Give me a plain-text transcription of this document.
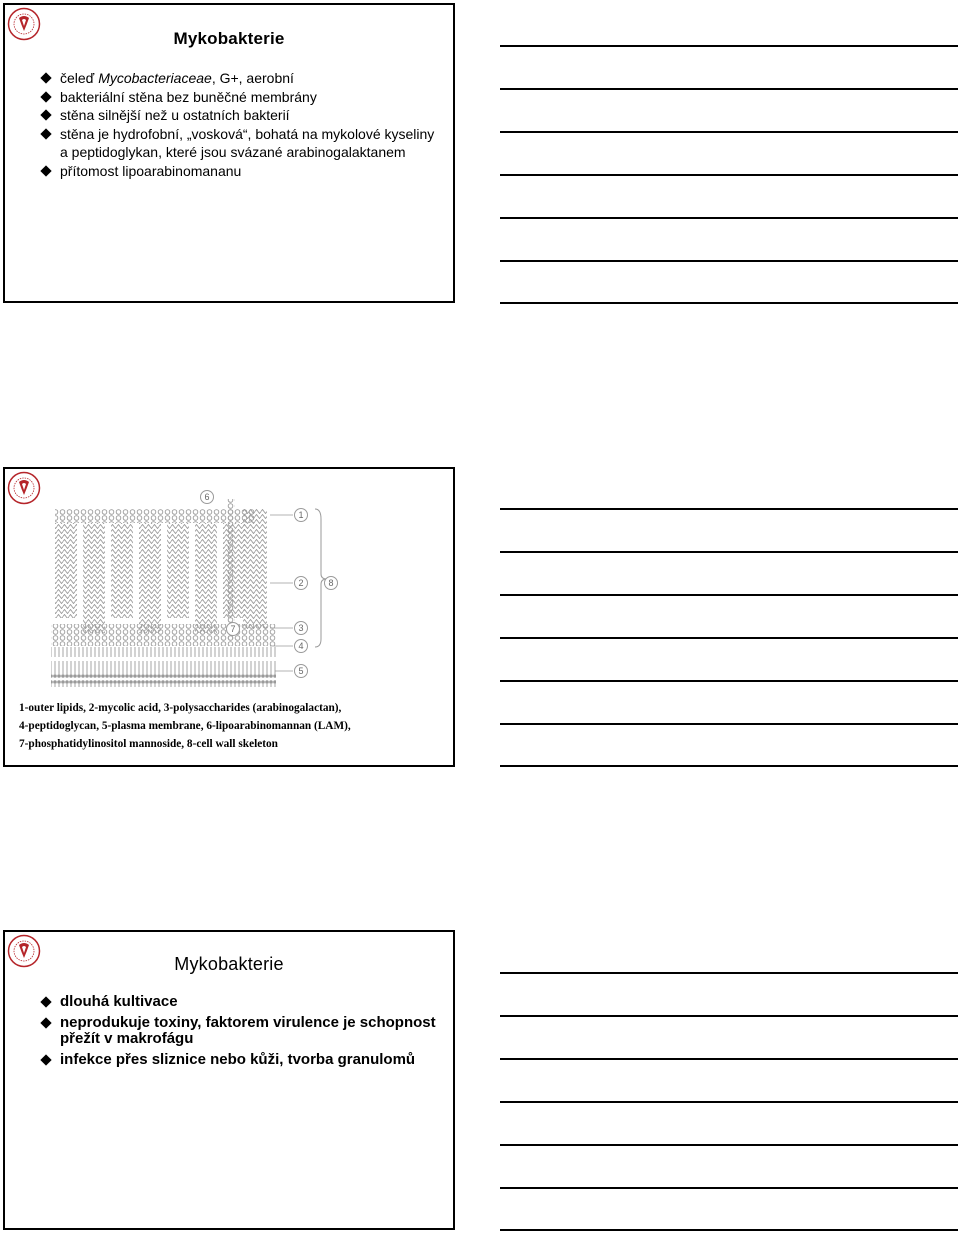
Mykobakterie
čeleď Mycobacteriaceae, G+, aerobní
bakteriální stěna bez buněčné membrány
stěna silnější než u ostatních bakterií
stěna je hydrofobní, „vosková“, bohatá na mykolové kyseliny a peptidoglykan, které jsou svázané arabinogalaktanem
přítomost lipoarabinomananu
1
2
3
4
5
6
7
8
1-outer lipids, 2-mycolic acid, 3-polysaccharides (arabinogalactan),
4-peptidoglycan, 5-plasma membrane, 6-lipoarabinomannan (LAM),
7-phosphatidylinositol mannoside, 8-cell wall skeleton
Mykobakterie
dlouhá kultivace
neprodukuje toxiny, faktorem virulence je schopnost přežít v makrofágu
infekce přes sliznice nebo kůži, tvorba granulomů
